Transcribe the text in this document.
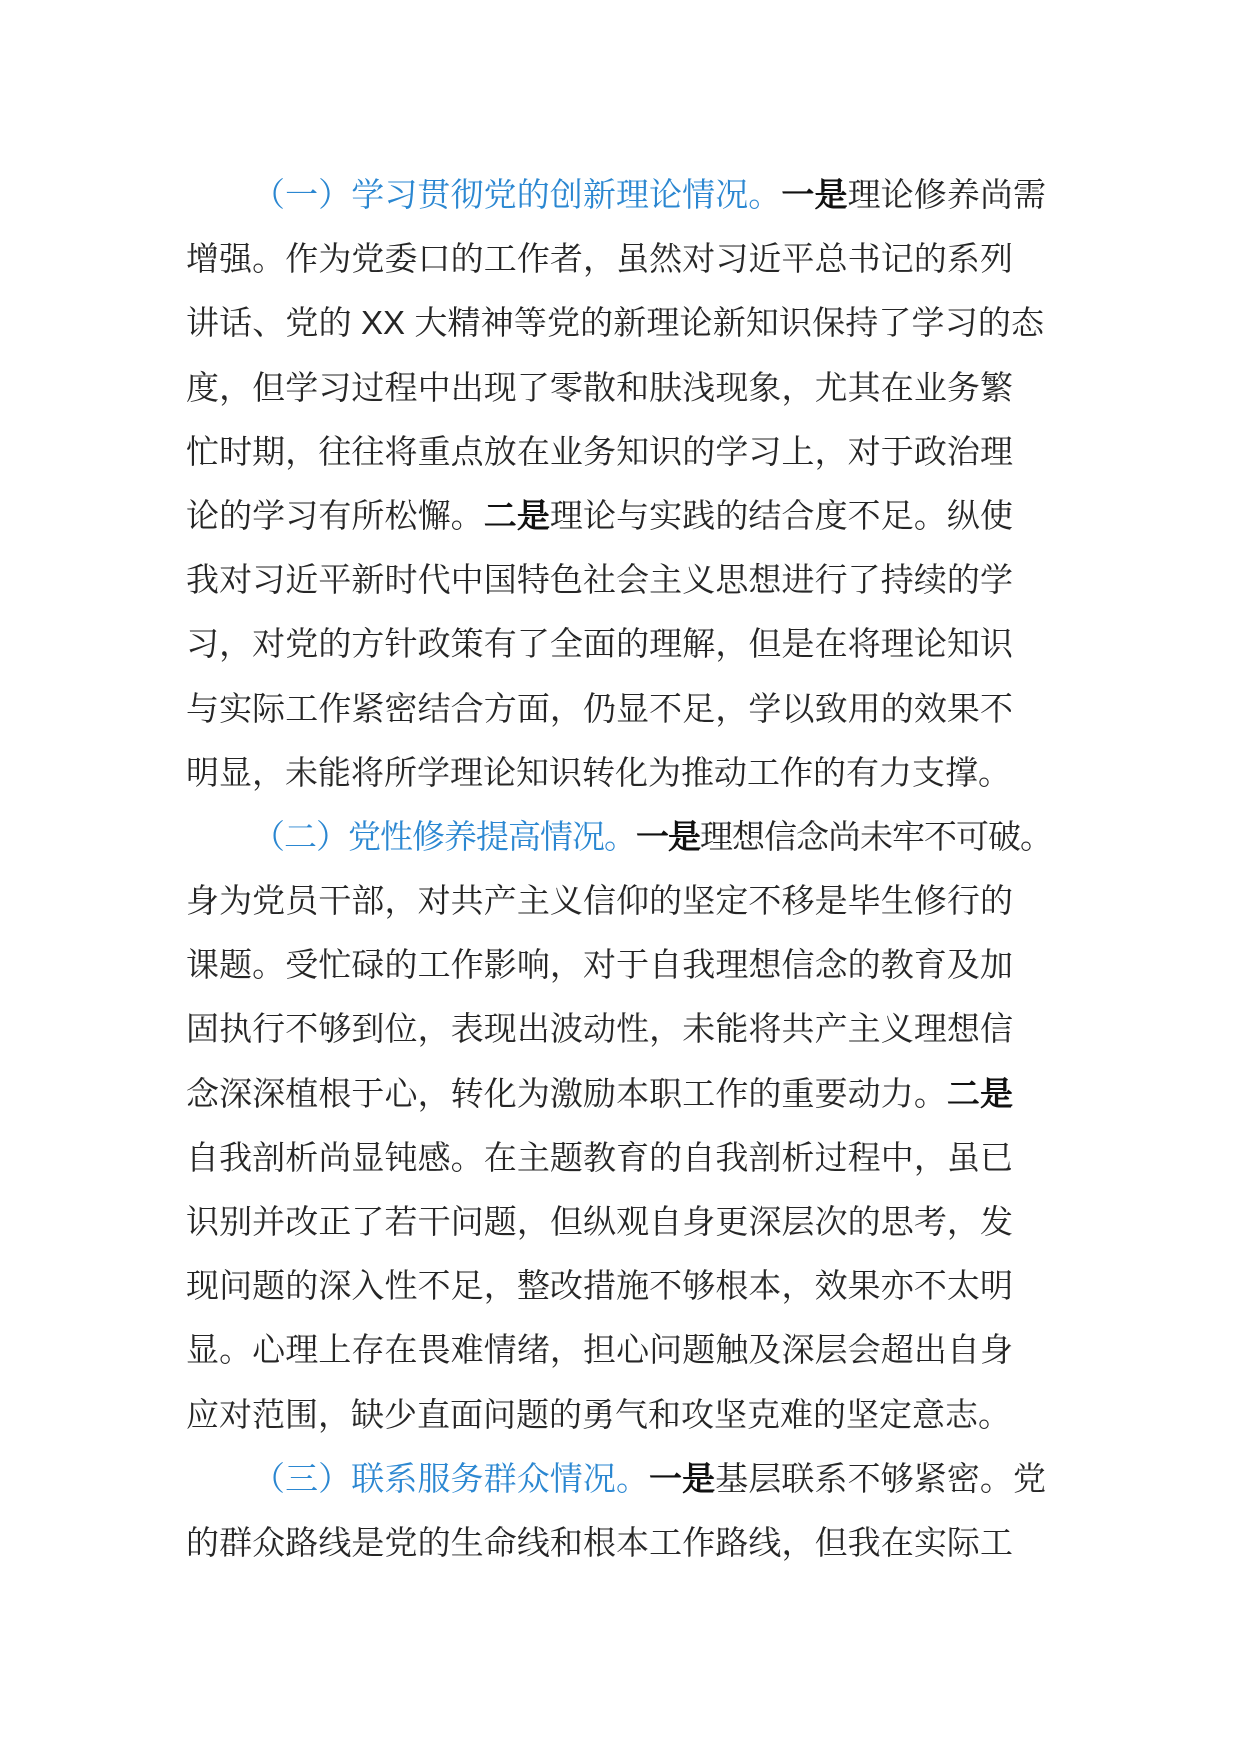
（一）学习贯彻党的创新理论情况。一是理论修养尚需
增强。作为党委口的工作者，虽然对习近平总书记的系列
讲话、党的 XX 大精神等党的新理论新知识保持了学习的态
度，但学习过程中出现了零散和肤浅现象，尤其在业务繁
忙时期，往往将重点放在业务知识的学习上，对于政治理
论的学习有所松懈。二是理论与实践的结合度不足。纵使
我对习近平新时代中国特色社会主义思想进行了持续的学
习，对党的方针政策有了全面的理解，但是在将理论知识
与实际工作紧密结合方面，仍显不足，学以致用的效果不
明显，未能将所学理论知识转化为推动工作的有力支撑。
（二）党性修养提高情况。一是理想信念尚未牢不可破。
身为党员干部，对共产主义信仰的坚定不移是毕生修行的
课题。受忙碌的工作影响，对于自我理想信念的教育及加
固执行不够到位，表现出波动性，未能将共产主义理想信
念深深植根于心，转化为激励本职工作的重要动力。二是
自我剖析尚显钝感。在主题教育的自我剖析过程中，虽已
识别并改正了若干问题，但纵观自身更深层次的思考，发
现问题的深入性不足，整改措施不够根本，效果亦不太明
显。心理上存在畏难情绪，担心问题触及深层会超出自身
应对范围，缺少直面问题的勇气和攻坚克难的坚定意志。
（三）联系服务群众情况。一是基层联系不够紧密。党
的群众路线是党的生命线和根本工作路线，但我在实际工
